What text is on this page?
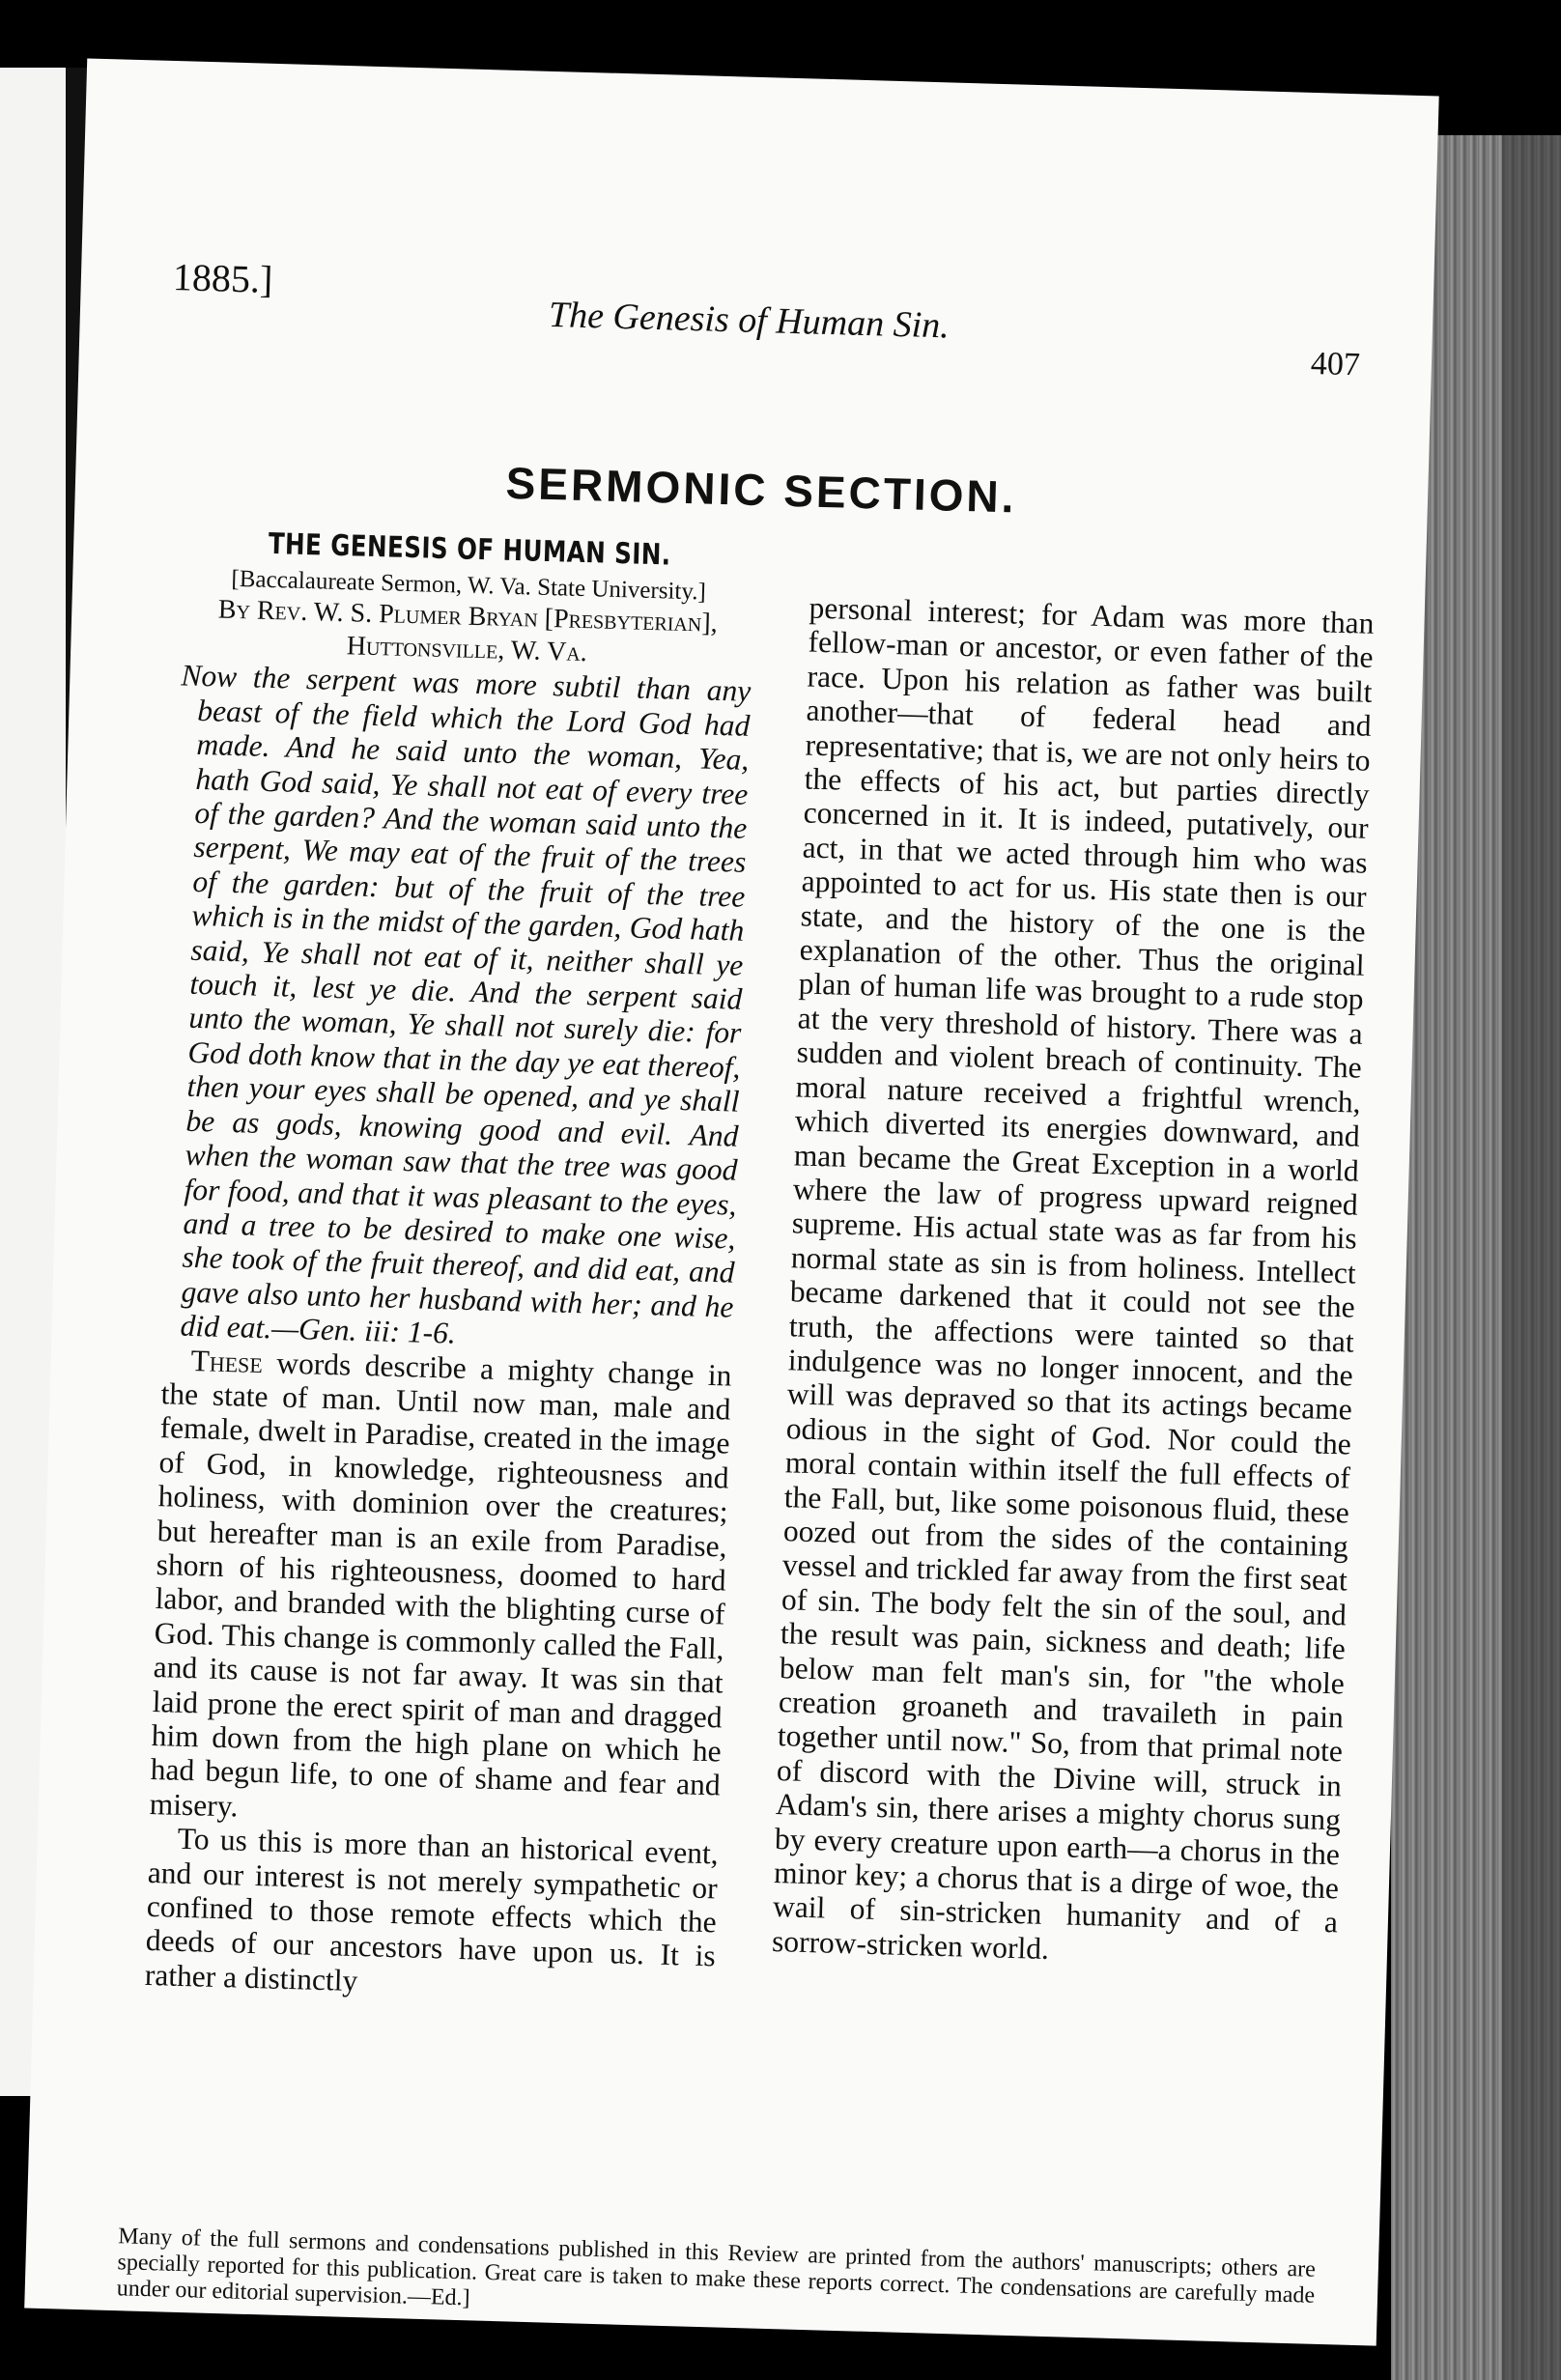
1885.]
The Genesis of Human Sin.
407
SERMONIC SECTION.
THE GENESIS OF HUMAN SIN.
[Baccalaureate Sermon, W. Va. State University.]
By Rev. W. S. Plumer Bryan [Presbyterian], Huttonsville, W. Va.

Now the serpent was more subtil than any beast of the field which the Lord God had made. And he said unto the woman, Yea, hath God said, Ye shall not eat of every tree of the garden? And the woman said unto the serpent, We may eat of the fruit of the trees of the garden: but of the fruit of the tree which is in the midst of the garden, God hath said, Ye shall not eat of it, neither shall ye touch it, lest ye die. And the serpent said unto the woman, Ye shall not surely die: for God doth know that in the day ye eat thereof, then your eyes shall be opened, and ye shall be as gods, knowing good and evil. And when the woman saw that the tree was good for food, and that it was pleasant to the eyes, and a tree to be desired to make one wise, she took of the fruit thereof, and did eat, and gave also unto her husband with her; and he did eat.—Gen. iii: 1-6.

These words describe a mighty change in the state of man. Until now man, male and female, dwelt in Paradise, created in the image of God, in knowledge, righteousness and holiness, with dominion over the creatures; but hereafter man is an exile from Paradise, shorn of his righteousness, doomed to hard labor, and branded with the blighting curse of God. This change is commonly called the Fall, and its cause is not far away. It was sin that laid prone the erect spirit of man and dragged him down from the high plane on which he had begun life, to one of shame and fear and misery.

To us this is more than an historical event, and our interest is not merely sympathetic or confined to those remote effects which the deeds of our ancestors have upon us. It is rather a distinctly

personal interest; for Adam was more than fellow-man or ancestor, or even father of the race. Upon his relation as father was built another—that of federal head and representative; that is, we are not only heirs to the effects of his act, but parties directly concerned in it. It is indeed, putatively, our act, in that we acted through him who was appointed to act for us. His state then is our state, and the history of the one is the explanation of the other. Thus the original plan of human life was brought to a rude stop at the very threshold of history. There was a sudden and violent breach of continuity. The moral nature received a frightful wrench, which diverted its energies downward, and man became the Great Exception in a world where the law of progress upward reigned supreme. His actual state was as far from his normal state as sin is from holiness. Intellect became darkened that it could not see the truth, the affections were tainted so that indulgence was no longer innocent, and the will was depraved so that its actings became odious in the sight of God. Nor could the moral contain within itself the full effects of the Fall, but, like some poisonous fluid, these oozed out from the sides of the containing vessel and trickled far away from the first seat of sin. The body felt the sin of the soul, and the result was pain, sickness and death; life below man felt man's sin, for "the whole creation groaneth and travaileth in pain together until now." So, from that primal note of discord with the Divine will, struck in Adam's sin, there arises a mighty chorus sung by every creature upon earth—a chorus in the minor key; a chorus that is a dirge of woe, the wail of sin-stricken humanity and of a sorrow-stricken world.

Many of the full sermons and condensations published in this Review are printed from the authors' manuscripts; others are specially reported for this publication. Great care is taken to make these reports correct. The condensations are carefully made under our editorial supervision.—Ed.]
